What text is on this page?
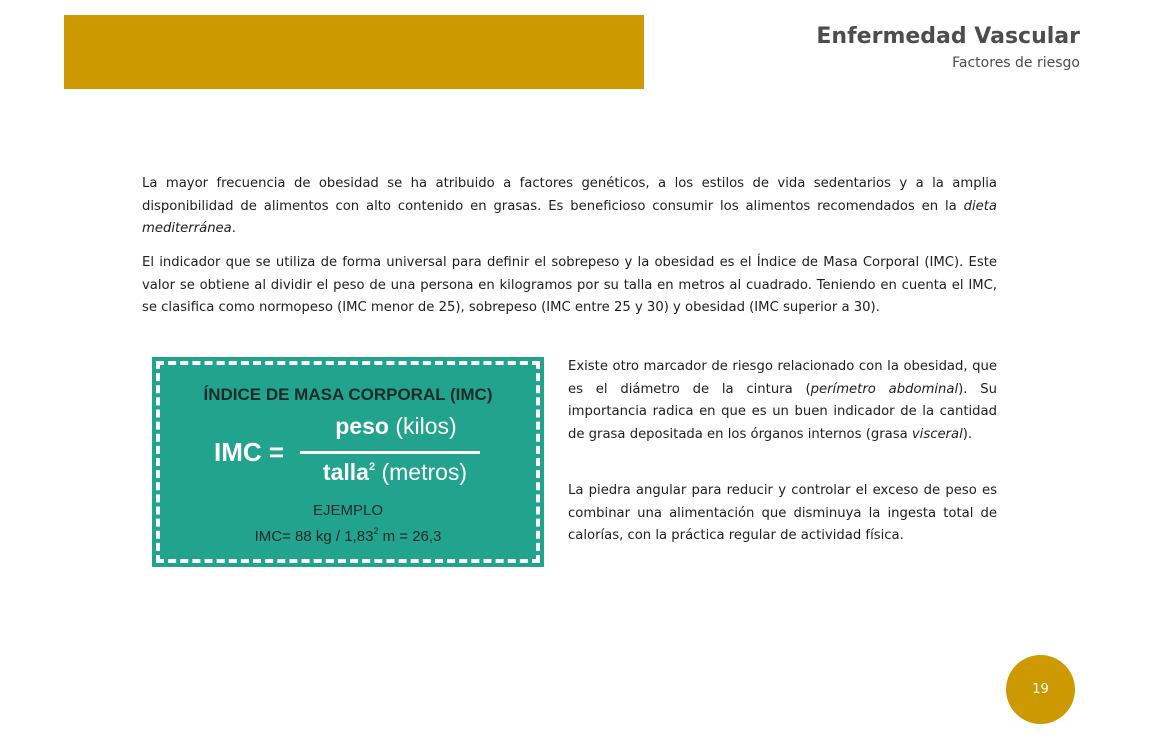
Enfermedad Vascular
Factores de riesgo

La mayor frecuencia de obesidad se ha atribuido a factores genéticos, a los estilos de vida sedentarios y a la amplia disponibilidad de alimentos con alto contenido en grasas. Es beneficioso consumir los alimentos recomendados en la dieta mediterránea.

El indicador que se utiliza de forma universal para definir el sobrepeso y la obesidad es el Índice de Masa Corporal (IMC). Este valor se obtiene al dividir el peso de una persona en kilogramos por su talla en metros al cuadrado. Teniendo en cuenta el IMC, se clasifica como normopeso (IMC menor de 25), sobrepeso (IMC entre 25 y 30) y obesidad (IMC superior a 30).

ÍNDICE DE MASA CORPORAL (IMC)
IMC =
peso (kilos)
talla$^2$ (metros)
EJEMPLO
IMC= 88 kg / 1,83$^2$ m = 26,3

Existe otro marcador de riesgo relacionado con la obesidad, que es el diámetro de la cintura (perímetro abdominal). Su importancia radica en que es un buen indicador de la cantidad de grasa depositada en los órganos internos (grasa visceral).

La piedra angular para reducir y controlar el exceso de peso es combinar una alimentación que disminuya la ingesta total de calorías, con la práctica regular de actividad física.

19
